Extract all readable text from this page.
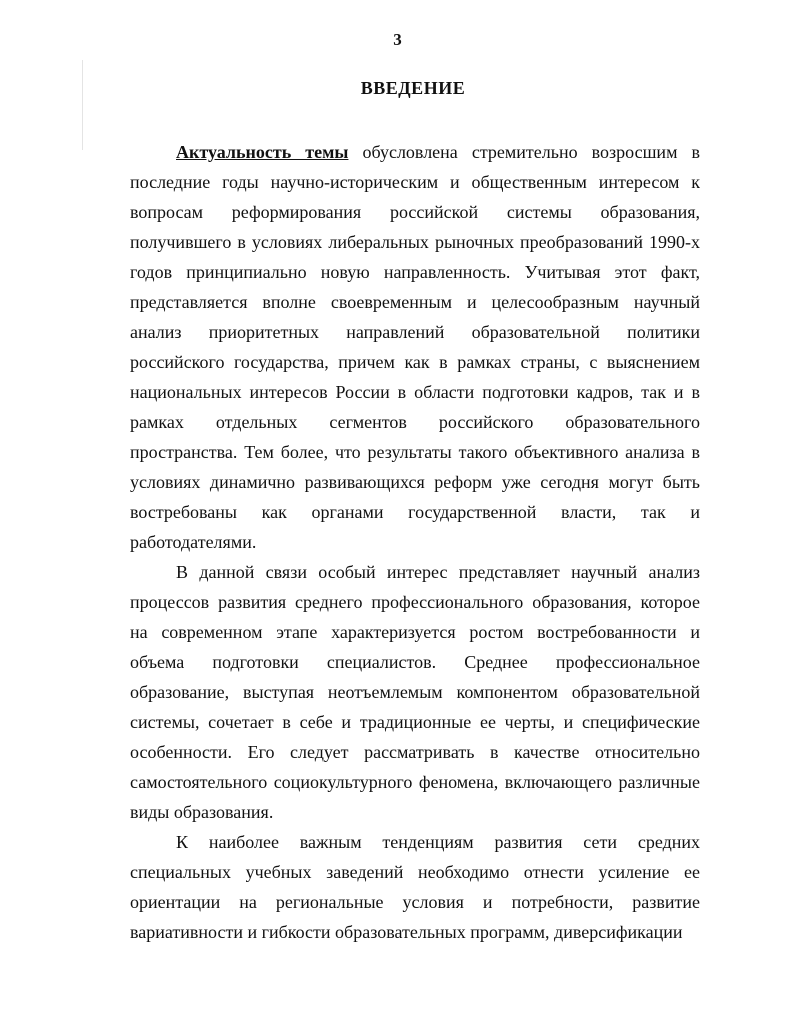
3
ВВЕДЕНИЕ

Актуальность темы обусловлена стремительно возросшим в последние годы научно-историческим и общественным интересом к вопросам реформирования российской системы образования, получившего в условиях либеральных рыночных преобразований 1990-х годов принципиально новую направленность. Учитывая этот факт, представляется вполне своевременным и целесообразным научный анализ приоритетных направлений образовательной политики российского государства, причем как в рамках страны, с выяснением национальных интересов России в области подготовки кадров, так и в рамках отдельных сегментов российского образовательного пространства. Тем более, что результаты такого объективного анализа в условиях динамично развивающихся реформ уже сегодня могут быть востребованы как органами государственной власти, так и работодателями.

В данной связи особый интерес представляет научный анализ процессов развития среднего профессионального образования, которое на современном этапе характеризуется ростом востребованности и объема подготовки специалистов. Среднее профессиональное образование, выступая неотъемлемым компонентом образовательной системы, сочетает в себе и традиционные ее черты, и специфические особенности. Его следует рассматривать в качестве относительно самостоятельного социокультурного феномена, включающего различные виды образования.

К наиболее важным тенденциям развития сети средних специальных учебных заведений необходимо отнести усиление ее ориентации на региональные условия и потребности, развитие вариативности и гибкости образовательных программ, диверсификации
